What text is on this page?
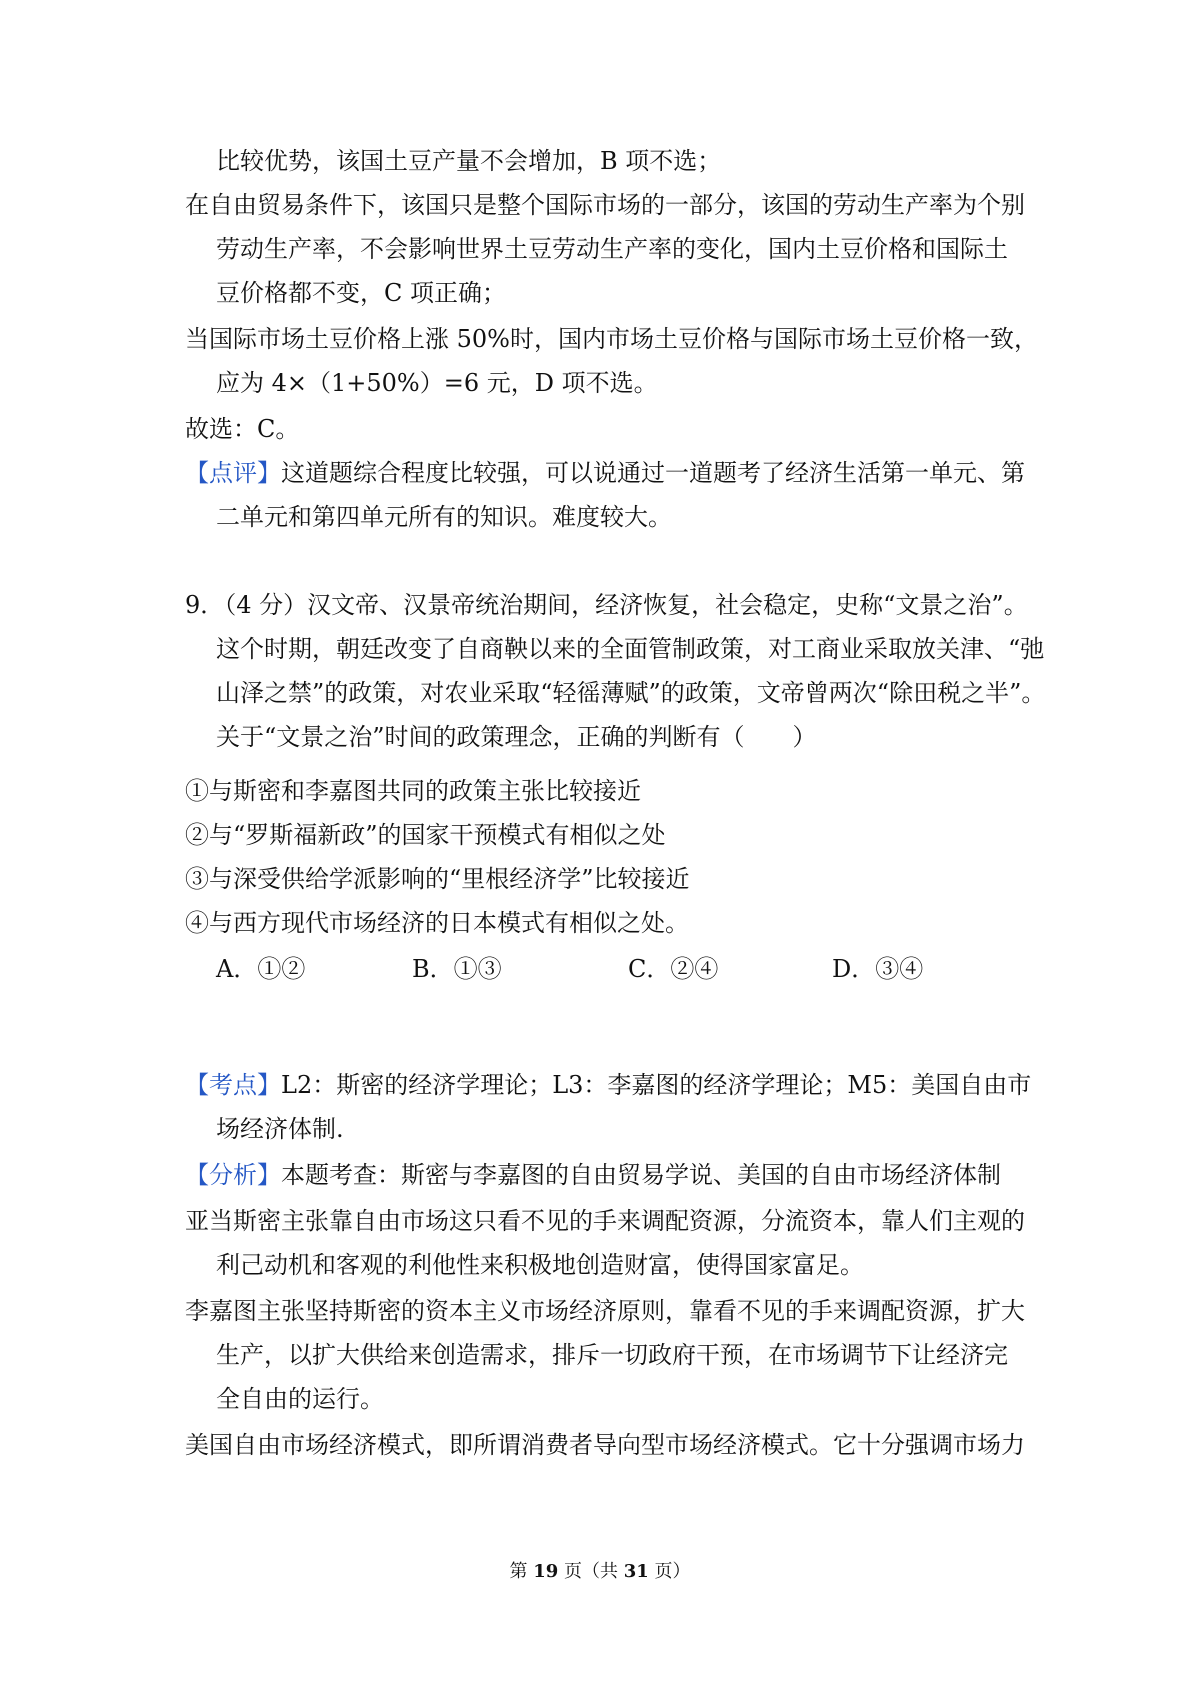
比较优势，该国土豆产量不会增加，B 项不选；
在自由贸易条件下，该国只是整个国际市场的一部分，该国的劳动生产率为个别
劳动生产率，不会影响世界土豆劳动生产率的变化，国内土豆价格和国际土
豆价格都不变，C 项正确；
当国际市场土豆价格上涨 50%时，国内市场土豆价格与国际市场土豆价格一致，
应为 4×（1+50%）=6 元，D 项不选。
故选：C。
【点评】这道题综合程度比较强，可以说通过一道题考了经济生活第一单元、第
二单元和第四单元所有的知识。难度较大。
9．（4 分）汉文帝、汉景帝统治期间，经济恢复，社会稳定，史称“文景之治”。
这个时期，朝廷改变了自商鞅以来的全面管制政策，对工商业采取放关津、“弛
山泽之禁”的政策，对农业采取“轻徭薄赋”的政策，文帝曾两次“除田税之半”。
关于“文景之治”时间的政策理念，正确的判断有（　　）
①与斯密和李嘉图共同的政策主张比较接近
②与“罗斯福新政”的国家干预模式有相似之处
③与深受供给学派影响的“里根经济学”比较接近
④与西方现代市场经济的日本模式有相似之处。
A．①②	B．①③	C．②④	D．③④
【考点】L2：斯密的经济学理论；L3：李嘉图的经济学理论；M5：美国自由市
场经济体制.
【分析】本题考查：斯密与李嘉图的自由贸易学说、美国的自由市场经济体制
亚当斯密主张靠自由市场这只看不见的手来调配资源，分流资本，靠人们主观的
利己动机和客观的利他性来积极地创造财富，使得国家富足。
李嘉图主张坚持斯密的资本主义市场经济原则，靠看不见的手来调配资源，扩大
生产，以扩大供给来创造需求，排斥一切政府干预，在市场调节下让经济完
全自由的运行。
美国自由市场经济模式，即所谓消费者导向型市场经济模式。它十分强调市场力
第 19 页（共 31 页）
